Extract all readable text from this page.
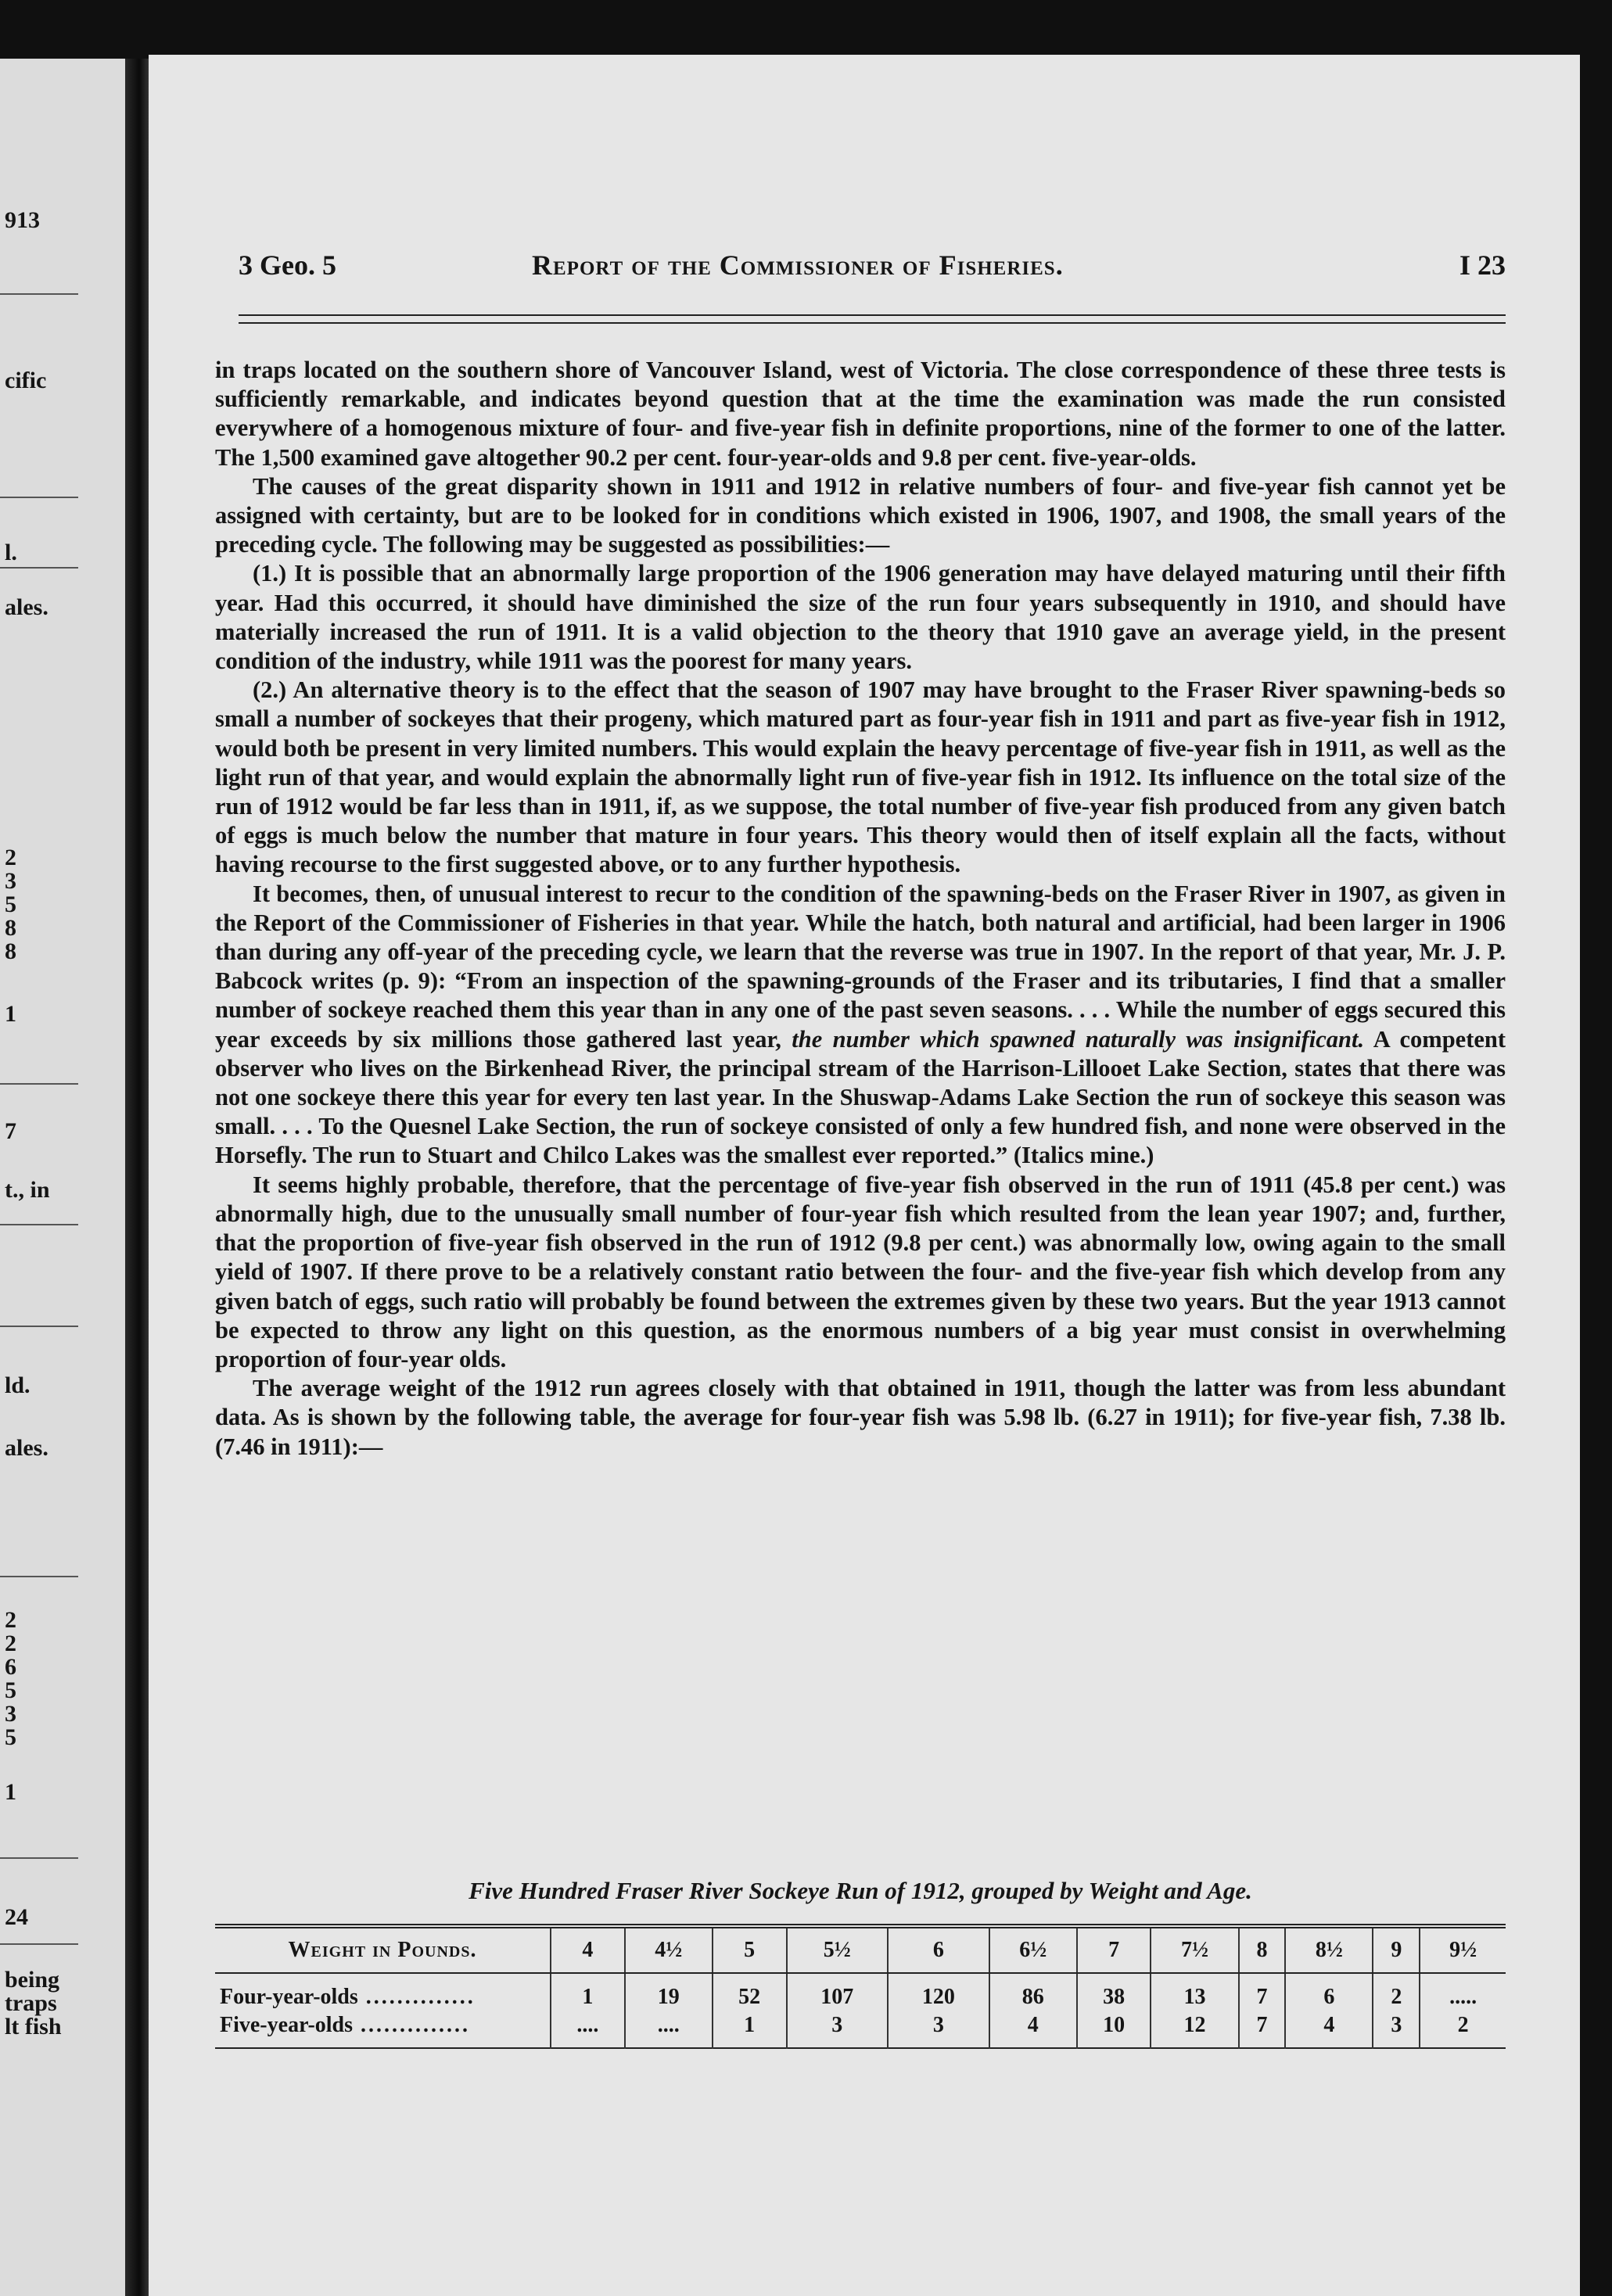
913
cific
l.
ales.
2
3
5
8
8
1
7
t., in
ld.
ales.
2
2
6
5
3
5
1
24
being
traps
lt fish
3 Geo. 5	Report of the Commissioner of Fisheries.	I 23

in traps located on the southern shore of Vancouver Island, west of Victoria. The close correspondence of these three tests is sufficiently remarkable, and indicates beyond question that at the time the examination was made the run consisted everywhere of a homogenous mixture of four- and five-year fish in definite proportions, nine of the former to one of the latter. The 1,500 examined gave altogether 90.2 per cent. four-year-olds and 9.8 per cent. five-year-olds.

The causes of the great disparity shown in 1911 and 1912 in relative numbers of four- and five-year fish cannot yet be assigned with certainty, but are to be looked for in conditions which existed in 1906, 1907, and 1908, the small years of the preceding cycle. The following may be suggested as possibilities:—

(1.) It is possible that an abnormally large proportion of the 1906 generation may have delayed maturing until their fifth year. Had this occurred, it should have diminished the size of the run four years subsequently in 1910, and should have materially increased the run of 1911. It is a valid objection to the theory that 1910 gave an average yield, in the present condition of the industry, while 1911 was the poorest for many years.

(2.) An alternative theory is to the effect that the season of 1907 may have brought to the Fraser River spawning-beds so small a number of sockeyes that their progeny, which matured part as four-year fish in 1911 and part as five-year fish in 1912, would both be present in very limited numbers. This would explain the heavy percentage of five-year fish in 1911, as well as the light run of that year, and would explain the abnormally light run of five-year fish in 1912. Its influence on the total size of the run of 1912 would be far less than in 1911, if, as we suppose, the total number of five-year fish produced from any given batch of eggs is much below the number that mature in four years. This theory would then of itself explain all the facts, without having recourse to the first suggested above, or to any further hypothesis.

It becomes, then, of unusual interest to recur to the condition of the spawning-beds on the Fraser River in 1907, as given in the Report of the Commissioner of Fisheries in that year. While the hatch, both natural and artificial, had been larger in 1906 than during any off-year of the preceding cycle, we learn that the reverse was true in 1907. In the report of that year, Mr. J. P. Babcock writes (p. 9): “From an inspection of the spawning-grounds of the Fraser and its tributaries, I find that a smaller number of sockeye reached them this year than in any one of the past seven seasons. . . . While the number of eggs secured this year exceeds by six millions those gathered last year, the number which spawned naturally was insignificant. A competent observer who lives on the Birkenhead River, the principal stream of the Harrison-Lillooet Lake Section, states that there was not one sockeye there this year for every ten last year. In the Shuswap-Adams Lake Section the run of sockeye this season was small. . . . To the Quesnel Lake Section, the run of sockeye consisted of only a few hundred fish, and none were observed in the Horsefly. The run to Stuart and Chilco Lakes was the smallest ever reported.” (Italics mine.)

It seems highly probable, therefore, that the percentage of five-year fish observed in the run of 1911 (45.8 per cent.) was abnormally high, due to the unusually small number of four-year fish which resulted from the lean year 1907; and, further, that the proportion of five-year fish observed in the run of 1912 (9.8 per cent.) was abnormally low, owing again to the small yield of 1907. If there prove to be a relatively constant ratio between the four- and the five-year fish which develop from any given batch of eggs, such ratio will probably be found between the extremes given by these two years. But the year 1913 cannot be expected to throw any light on this question, as the enormous numbers of a big year must consist in overwhelming proportion of four-year olds.

The average weight of the 1912 run agrees closely with that obtained in 1911, though the latter was from less abundant data. As is shown by the following table, the average for four-year fish was 5.98 lb. (6.27 in 1911); for five-year fish, 7.38 lb. (7.46 in 1911):—

Five Hundred Fraser River Sockeye Run of 1912, grouped by Weight and Age.
Weight in Pounds.	4	4½	5	5½	6	6½	7	7½	8	8½	9	9½
Four-year-olds ..............	1	19	52	107	120	86	38	13	7	6	2	.....
Five-year-olds ..............	....	....	1	3	3	4	10	12	7	4	3	2
